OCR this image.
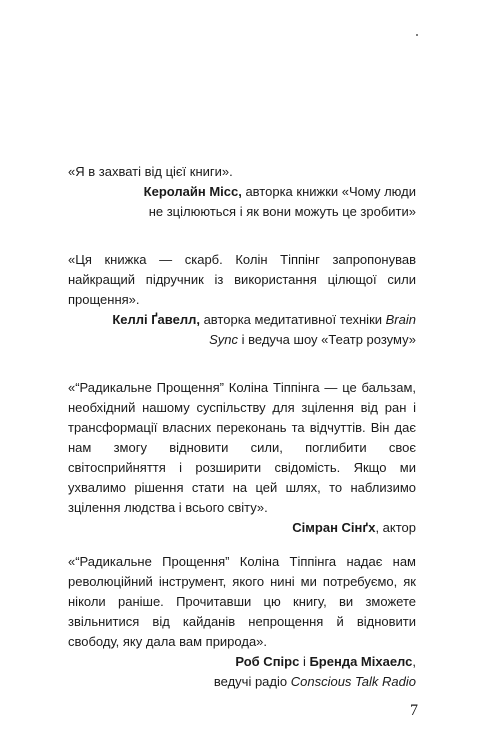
«Я в захваті від цієї книги».

Керолайн Місс, авторка книжки «Чому люди не зцілюються і як вони можуть це зробити»

«Ця книжка — скарб. Колін Тіппінг запропонував найкращий підручник із використання цілющої сили прощення».

Келлі Ґавелл, авторка медитативної техніки Brain Sync і ведуча шоу «Театр розуму»

«“Радикальне Прощення” Коліна Тіппінга — це бальзам, необхідний нашому суспільству для зцілення від ран і трансформації власних переконань та відчуттів. Він дає нам змогу відновити сили, поглибити своє світосприйняття і розширити свідомість. Якщо ми ухвалимо рішення стати на цей шлях, то наблизимо зцілення людства і всього світу».

Сімран Сінґх, актор

«“Радикальне Прощення” Коліна Тіппінга надає нам революційний інструмент, якого нині ми потребуємо, як ніколи раніше. Прочитавши цю книгу, ви зможете звільнитися від кайданів непрощення й відновити свободу, яку дала вам природа».

Роб Спірс і Бренда Міхаелс,
ведучі радіо Conscious Talk Radio
7
